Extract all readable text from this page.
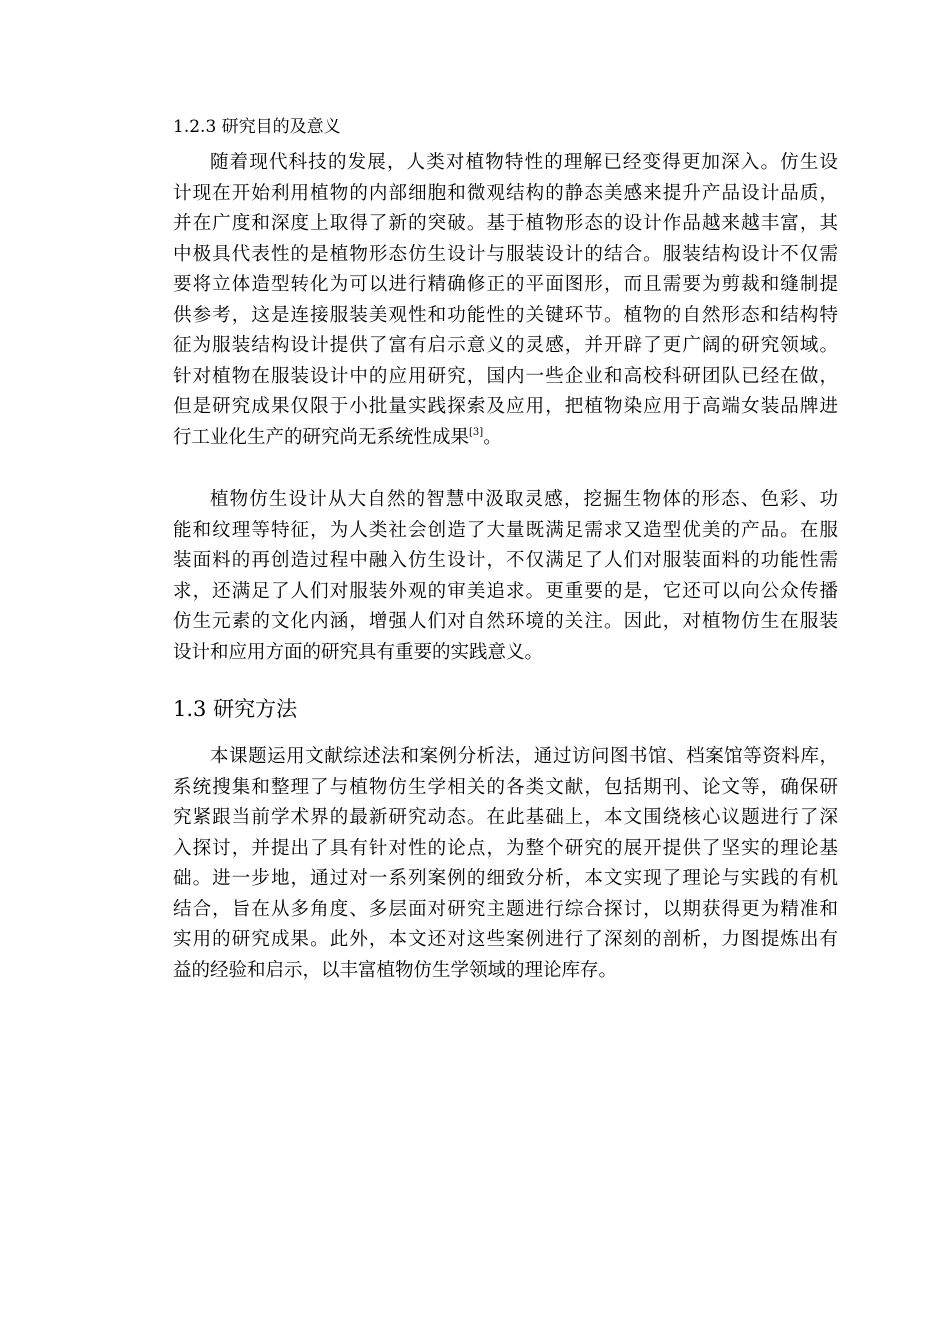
1.2.3 研究目的及意义
随着现代科技的发展，人类对植物特性的理解已经变得更加深入。仿生设
计现在开始利用植物的内部细胞和微观结构的静态美感来提升产品设计品质，
并在广度和深度上取得了新的突破。基于植物形态的设计作品越来越丰富，其
中极具代表性的是植物形态仿生设计与服装设计的结合。服装结构设计不仅需
要将立体造型转化为可以进行精确修正的平面图形，而且需要为剪裁和缝制提
供参考，这是连接服装美观性和功能性的关键环节。植物的自然形态和结构特
征为服装结构设计提供了富有启示意义的灵感，并开辟了更广阔的研究领域。
针对植物在服装设计中的应用研究，国内一些企业和高校科研团队已经在做，
但是研究成果仅限于小批量实践探索及应用，把植物染应用于高端女装品牌进
行工业化生产的研究尚无系统性成果[3]。
植物仿生设计从大自然的智慧中汲取灵感，挖掘生物体的形态、色彩、功
能和纹理等特征，为人类社会创造了大量既满足需求又造型优美的产品。在服
装面料的再创造过程中融入仿生设计，不仅满足了人们对服装面料的功能性需
求，还满足了人们对服装外观的审美追求。更重要的是，它还可以向公众传播
仿生元素的文化内涵，增强人们对自然环境的关注。因此，对植物仿生在服装
设计和应用方面的研究具有重要的实践意义。
1.3 研究方法
本课题运用文献综述法和案例分析法，通过访问图书馆、档案馆等资料库，
系统搜集和整理了与植物仿生学相关的各类文献，包括期刊、论文等，确保研
究紧跟当前学术界的最新研究动态。在此基础上，本文围绕核心议题进行了深
入探讨，并提出了具有针对性的论点，为整个研究的展开提供了坚实的理论基
础。进一步地，通过对一系列案例的细致分析，本文实现了理论与实践的有机
结合，旨在从多角度、多层面对研究主题进行综合探讨，以期获得更为精准和
实用的研究成果。此外，本文还对这些案例进行了深刻的剖析，力图提炼出有
益的经验和启示，以丰富植物仿生学领域的理论库存。
